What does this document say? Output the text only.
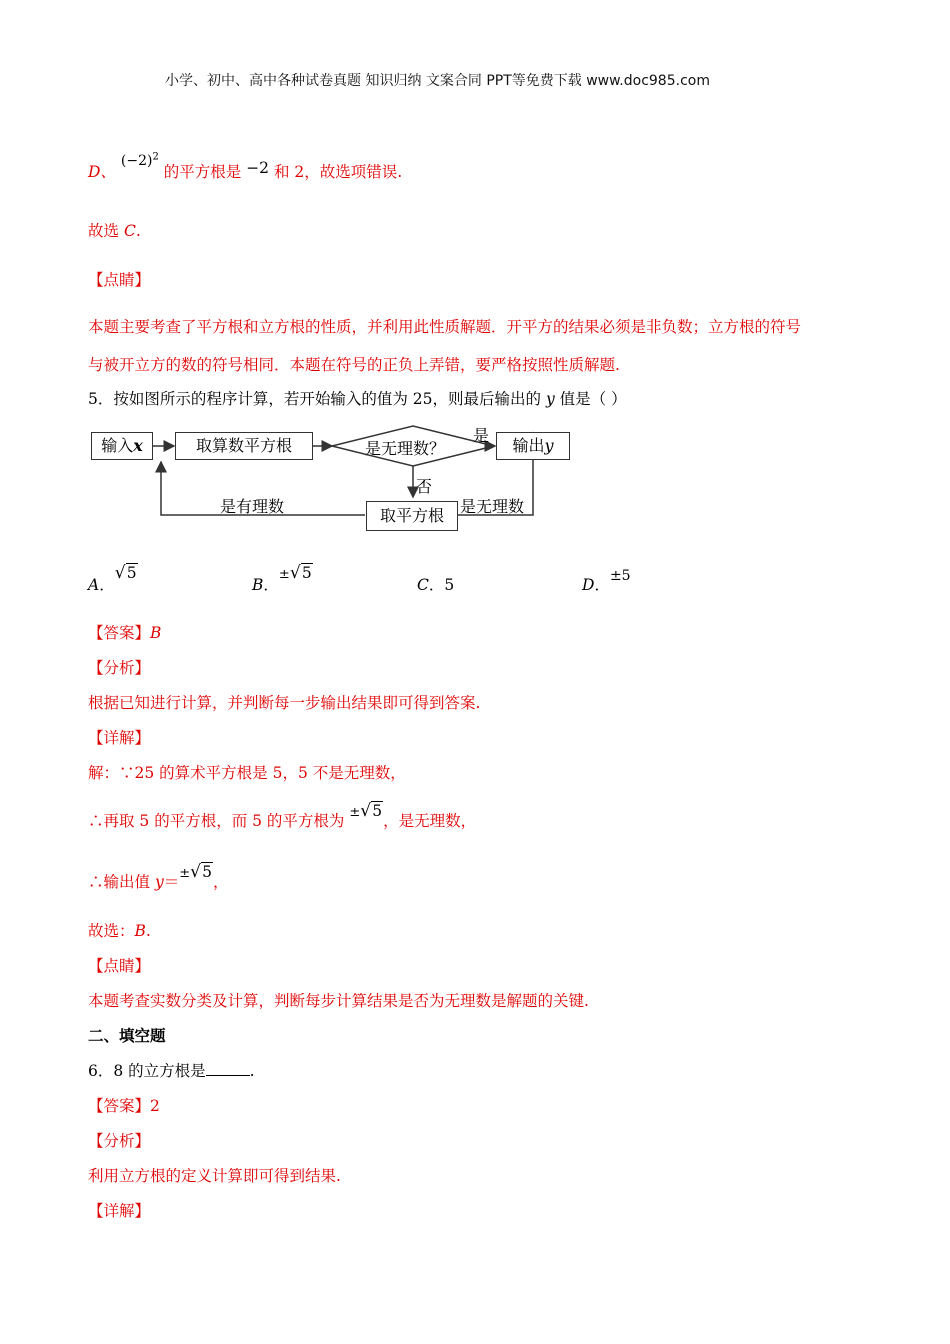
小学、初中、高中各种试卷真题 知识归纳 文案合同 PPT等免费下载 www.doc985.com
D、 $(-2)^2$ 的平方根是 −2 和 2，故选项错误.
故选 C.
【点睛】
本题主要考查了平方根和立方根的性质，并利用此性质解题．开平方的结果必须是非负数；立方根的符号
与被开立方的数的符号相同．本题在符号的正负上弄错，要严格按照性质解题.
5．按如图所示的程序计算，若开始输入的值为 25，则最后输出的 y 值是（ ）
输入x	取算数平方根	是无理数？	输出y
是
否
是有理数	取平方根	是无理数
A．
√ 5
B．± √ 5
C．5	D．±5
【答案】B
【分析】
根据已知进行计算，并判断每一步输出结果即可得到答案.
【详解】
解：∵25 的算术平方根是 5，5 不是无理数，
∴再取 5 的平方根，而 5 的平方根为 ± √ 5，是无理数，
∴输出值 y＝± √ 5，
故选：B.
【点睛】
本题考查实数分类及计算，判断每步计算结果是否为无理数是解题的关键.
二、填空题
6．8 的立方根是	.
【答案】2
【分析】
利用立方根的定义计算即可得到结果.
【详解】
